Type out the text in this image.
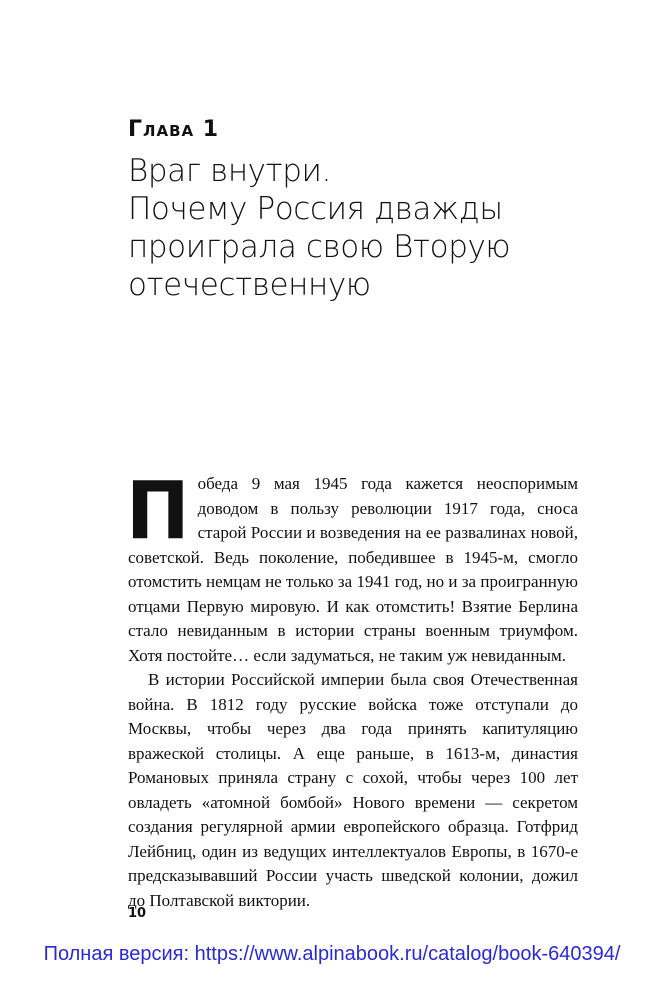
Глава 1
Враг внутри.
Почему Россия дважды
проиграла свою Вторую
отечественную

Победа 9 мая 1945 года кажется неоспоримым доводом в пользу революции 1917 года, сноса старой России и возведения на ее развалинах новой, советской. Ведь поколение, победившее в 1945-м, смогло отомстить немцам не только за 1941 год, но и за проигранную отцами Первую мировую. И как отомстить! Взятие Берлина стало невиданным в истории страны военным триумфом. Хотя постойте… если задуматься, не таким уж невиданным.

В истории Российской империи была своя Отечественная война. В 1812 году русские войска тоже отступали до Москвы, чтобы через два года принять капитуляцию вражеской столицы. А еще раньше, в 1613-м, династия Романовых приняла страну с сохой, чтобы через 100 лет овладеть «атомной бомбой» Нового времени — секретом создания регулярной армии европейского образца. Готфрид Лейбниц, один из ведущих интеллектуалов Европы, в 1670-е предсказывавший России участь шведской колонии, дожил до Полтавской виктории.

10
Полная версия: https://www.alpinabook.ru/catalog/book-640394/
